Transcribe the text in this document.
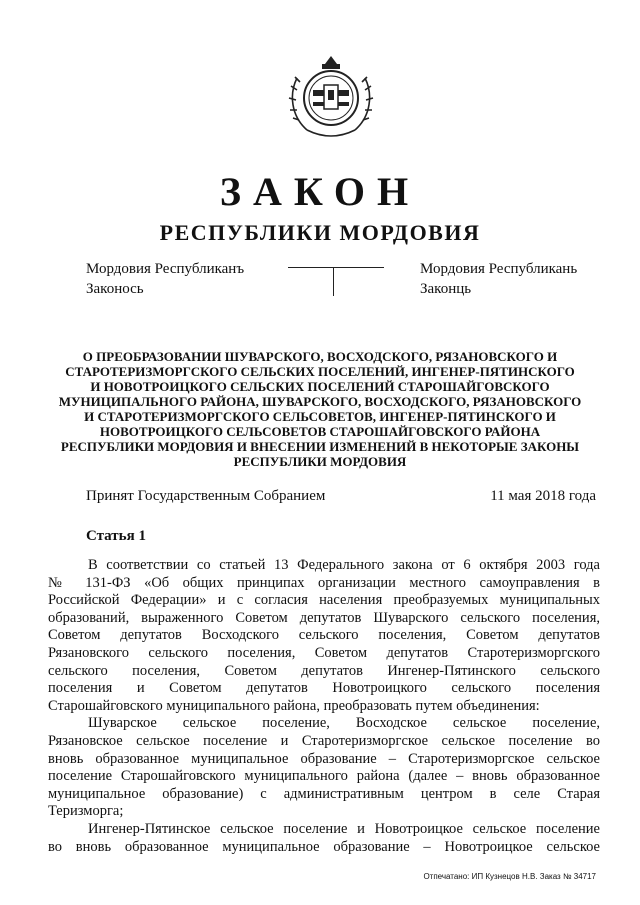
ЗАКОН
РЕСПУБЛИКИ МОРДОВИЯ
Мордовия Республиканъ
Законось
Мордовия Республикань
Законць
О ПРЕОБРАЗОВАНИИ ШУВАРСКОГО, ВОСХОДСКОГО, РЯЗАНОВСКОГО И
СТАРОТЕРИЗМОРГСКОГО СЕЛЬСКИХ ПОСЕЛЕНИЙ, ИНГЕНЕР-ПЯТИНСКОГО
И НОВОТРОИЦКОГО СЕЛЬСКИХ ПОСЕЛЕНИЙ СТАРОШАЙГОВСКОГО
МУНИЦИПАЛЬНОГО РАЙОНА, ШУВАРСКОГО, ВОСХОДСКОГО, РЯЗАНОВСКОГО
И СТАРОТЕРИЗМОРГСКОГО СЕЛЬСОВЕТОВ, ИНГЕНЕР-ПЯТИНСКОГО И
НОВОТРОИЦКОГО СЕЛЬСОВЕТОВ СТАРОШАЙГОВСКОГО РАЙОНА
РЕСПУБЛИКИ МОРДОВИЯ И ВНЕСЕНИИ ИЗМЕНЕНИЙ В НЕКОТОРЫЕ ЗАКОНЫ
РЕСПУБЛИКИ МОРДОВИЯ
Принят Государственным Собранием	11 мая 2018 года
Статья 1
В соответствии со статьей 13 Федерального закона от 6 октября 2003 года
№ 131-ФЗ «Об общих принципах организации местного самоуправления в
Российской Федерации» и с согласия населения преобразуемых муниципальных
образований, выраженного Советом депутатов Шуварского сельского поселения,
Советом депутатов Восходского сельского поселения, Советом депутатов
Рязановского сельского поселения, Советом депутатов Старотеризморгского
сельского поселения, Советом депутатов Ингенер-Пятинского сельского
поселения и Советом депутатов Новотроицкого сельского поселения
Старошайговского муниципального района, преобразовать путем объединения:
Шуварское сельское поселение, Восходское сельское поселение,
Рязановское сельское поселение и Старотеризморгское сельское поселение во
вновь образованное муниципальное образование – Старотеризморгское сельское
поселение Старошайговского муниципального района (далее – вновь образованное
муниципальное образование) с административным центром в селе Старая
Теризморга;
Ингенер-Пятинское сельское поселение и Новотроицкое сельское поселение
во вновь образованное муниципальное образование – Новотроицкое сельское
Отпечатано: ИП Кузнецов Н.В. Заказ № 34717
